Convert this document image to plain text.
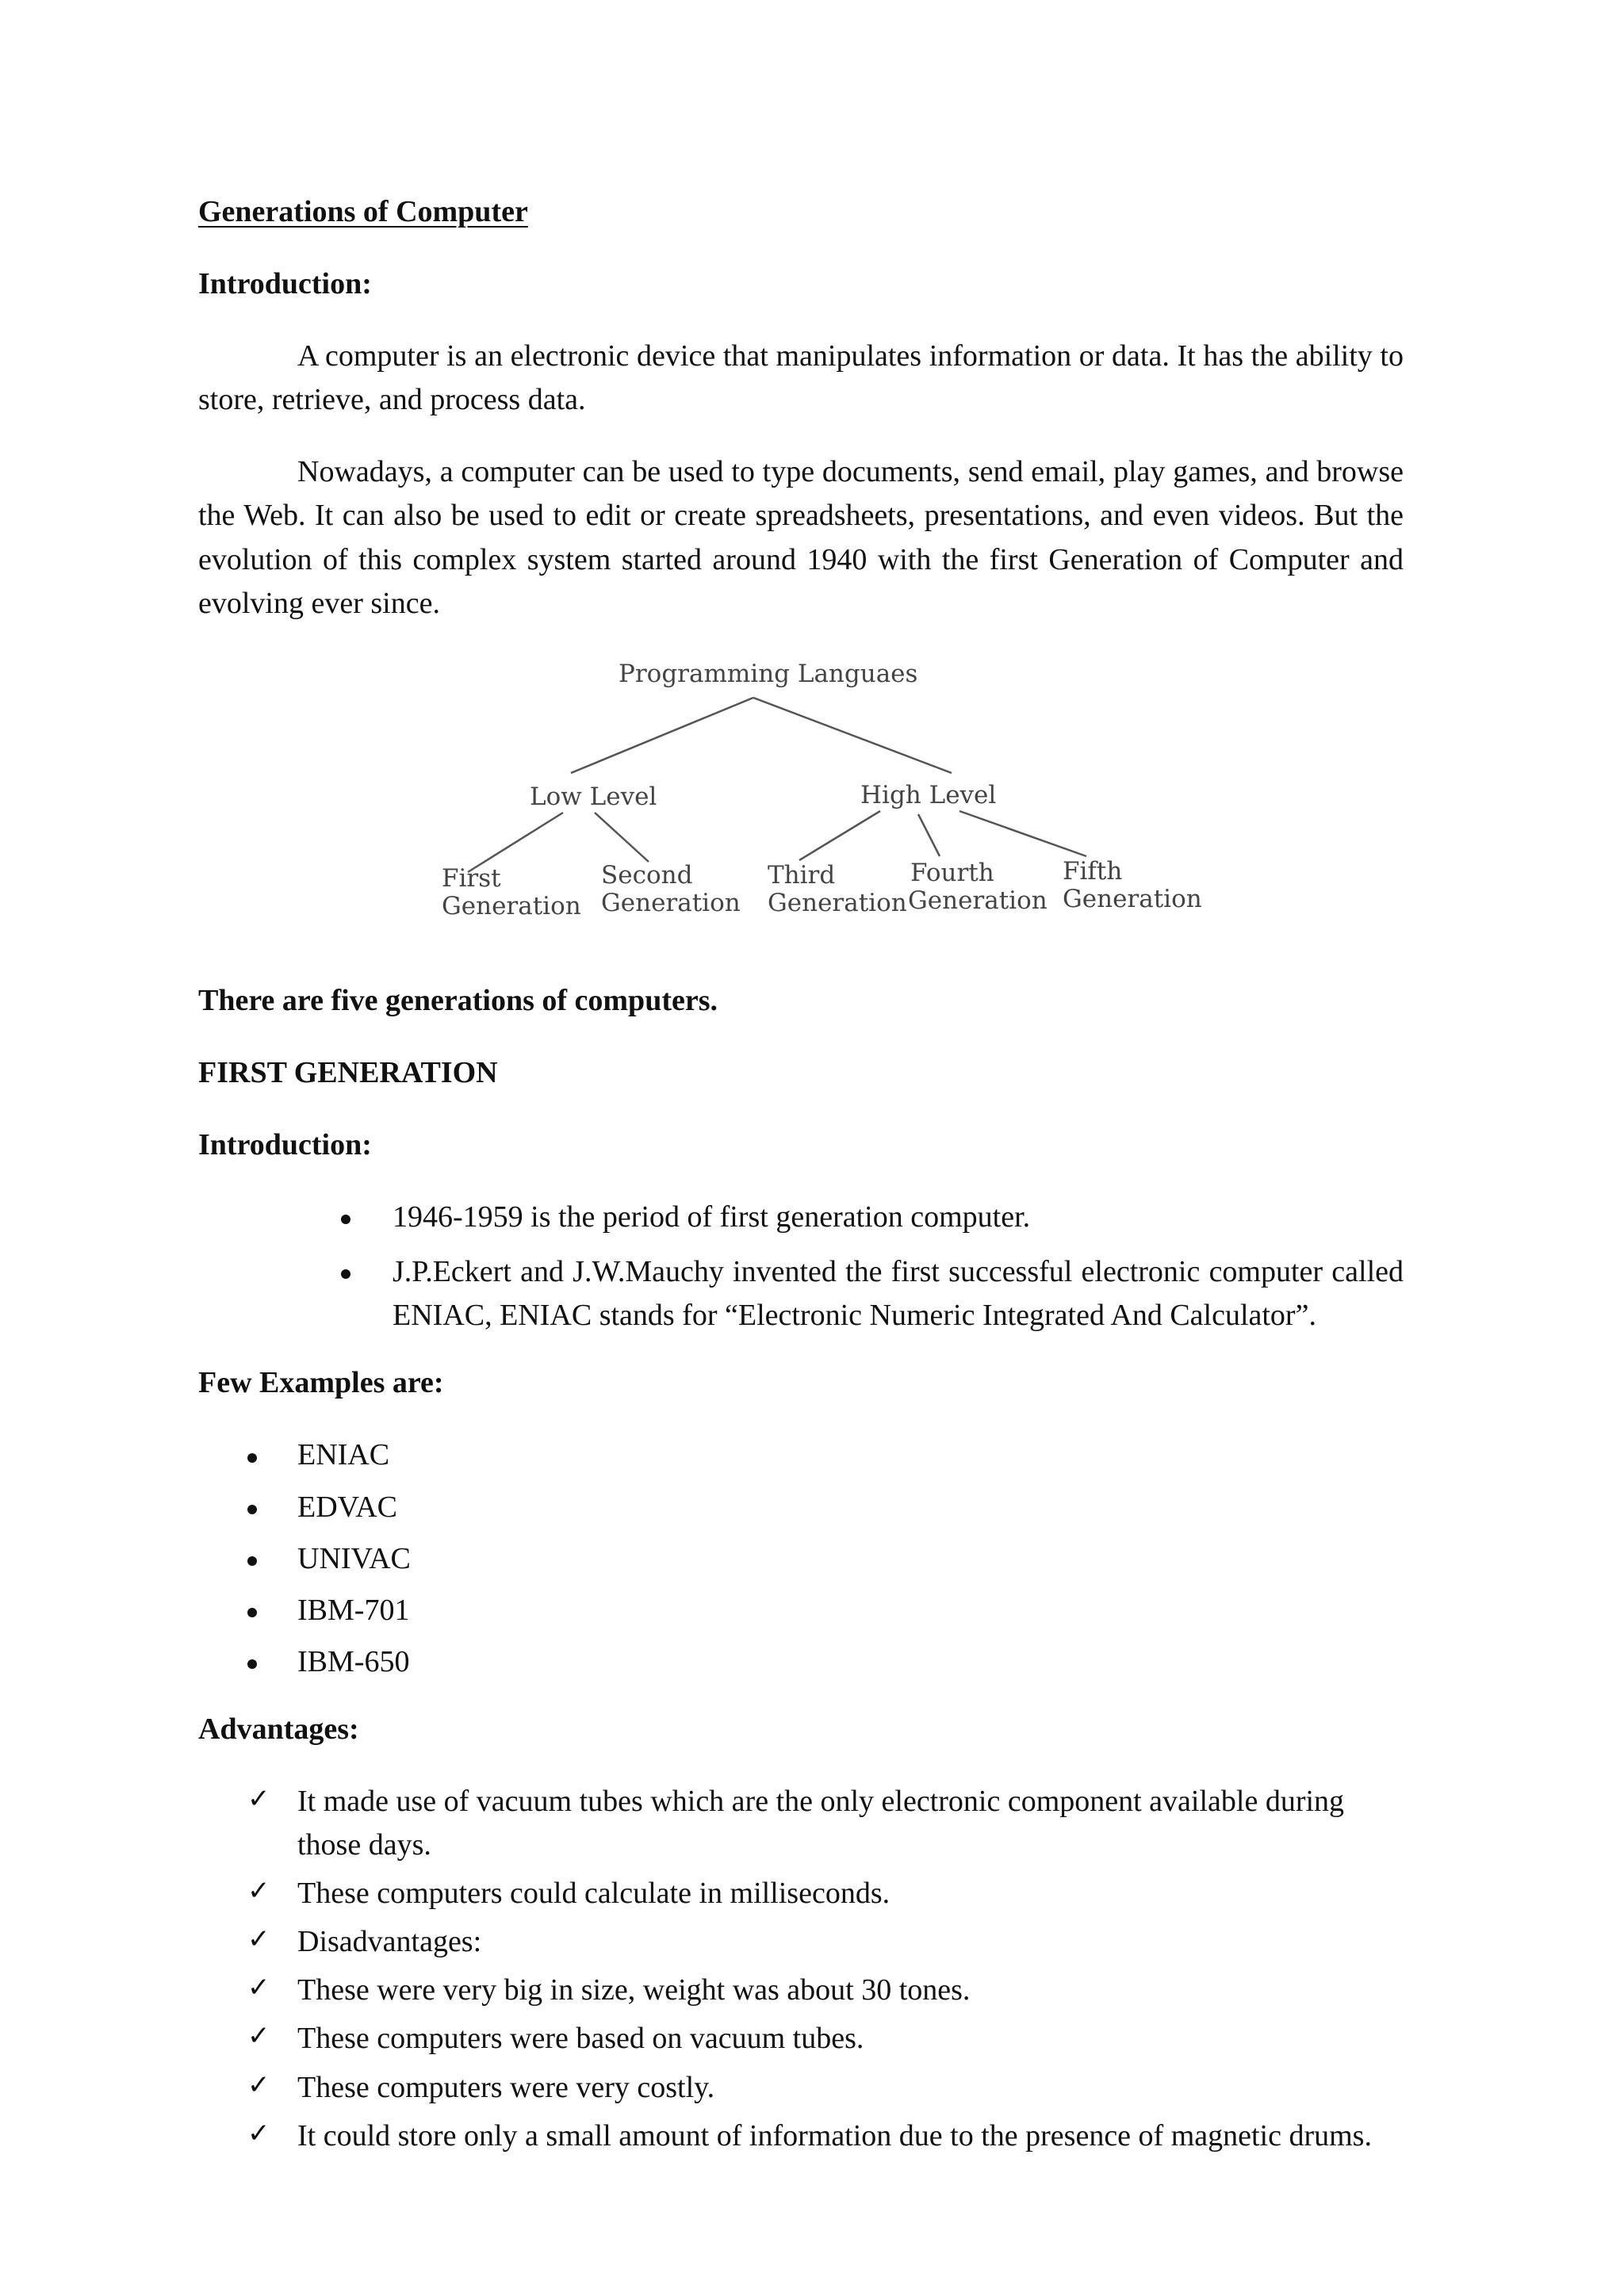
Generations of Computer
Introduction:

A computer is an electronic device that manipulates information or data. It has the ability to store, retrieve, and process data.

Nowadays, a computer can be used to type documents, send email, play games, and browse the Web. It can also be used to edit or create spreadsheets, presentations, and even videos. But the evolution of this complex system started around 1940 with the first Generation of Computer and evolving ever since.

Programming Languaes
Low Level	High Level
First
Generation
Second
Generation
Third
Generation
Fourth
Generation
Fifth
Generation
There are five generations of computers.
FIRST GENERATION
Introduction:
1946-1959 is the period of first generation computer.
J.P.Eckert and J.W.Mauchy invented the first successful electronic computer called ENIAC, ENIAC stands for “Electronic Numeric Integrated And Calculator”.
Few Examples are:
ENIAC
EDVAC
UNIVAC
IBM-701
IBM-650
Advantages:
✓ It made use of vacuum tubes which are the only electronic component available during those days.
✓ These computers could calculate in milliseconds.
✓ Disadvantages:
✓ These were very big in size, weight was about 30 tones.
✓ These computers were based on vacuum tubes.
✓ These computers were very costly.
✓ It could store only a small amount of information due to the presence of magnetic drums.
